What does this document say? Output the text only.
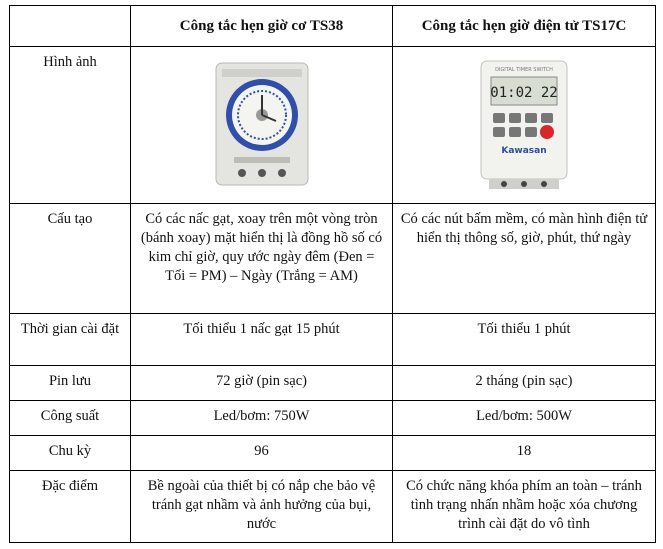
	Công tắc hẹn giờ cơ TS38	Công tắc hẹn giờ điện tử TS17C
Hình ảnh		DIGITAL TIMER SWITCH
01:02 22
Kawasan

Cấu tạo	Có các nấc gạt, xoay trên một vòng tròn (bánh xoay) mặt hiển thị là đồng hồ số có kim chỉ giờ, quy ước ngày đêm (Đen = Tối = PM) – Ngày (Trắng = AM)	Có các nút bấm mềm, có màn hình điện tử hiển thị thông số, giờ, phút, thứ ngày
Thời gian cài đặt	Tối thiểu 1 nấc gạt 15 phút	Tối thiểu 1 phút
Pin lưu	72 giờ (pin sạc)	2 tháng (pin sạc)
Công suất	Led/bơm: 750W	Led/bơm: 500W
Chu kỳ	96	18
Đặc điểm	Bề ngoài của thiết bị có nắp che bảo vệ tránh gạt nhầm và ảnh hưởng của bụi, nước	Có chức năng khóa phím an toàn – tránh tình trạng nhấn nhầm hoặc xóa chương trình cài đặt do vô tình
